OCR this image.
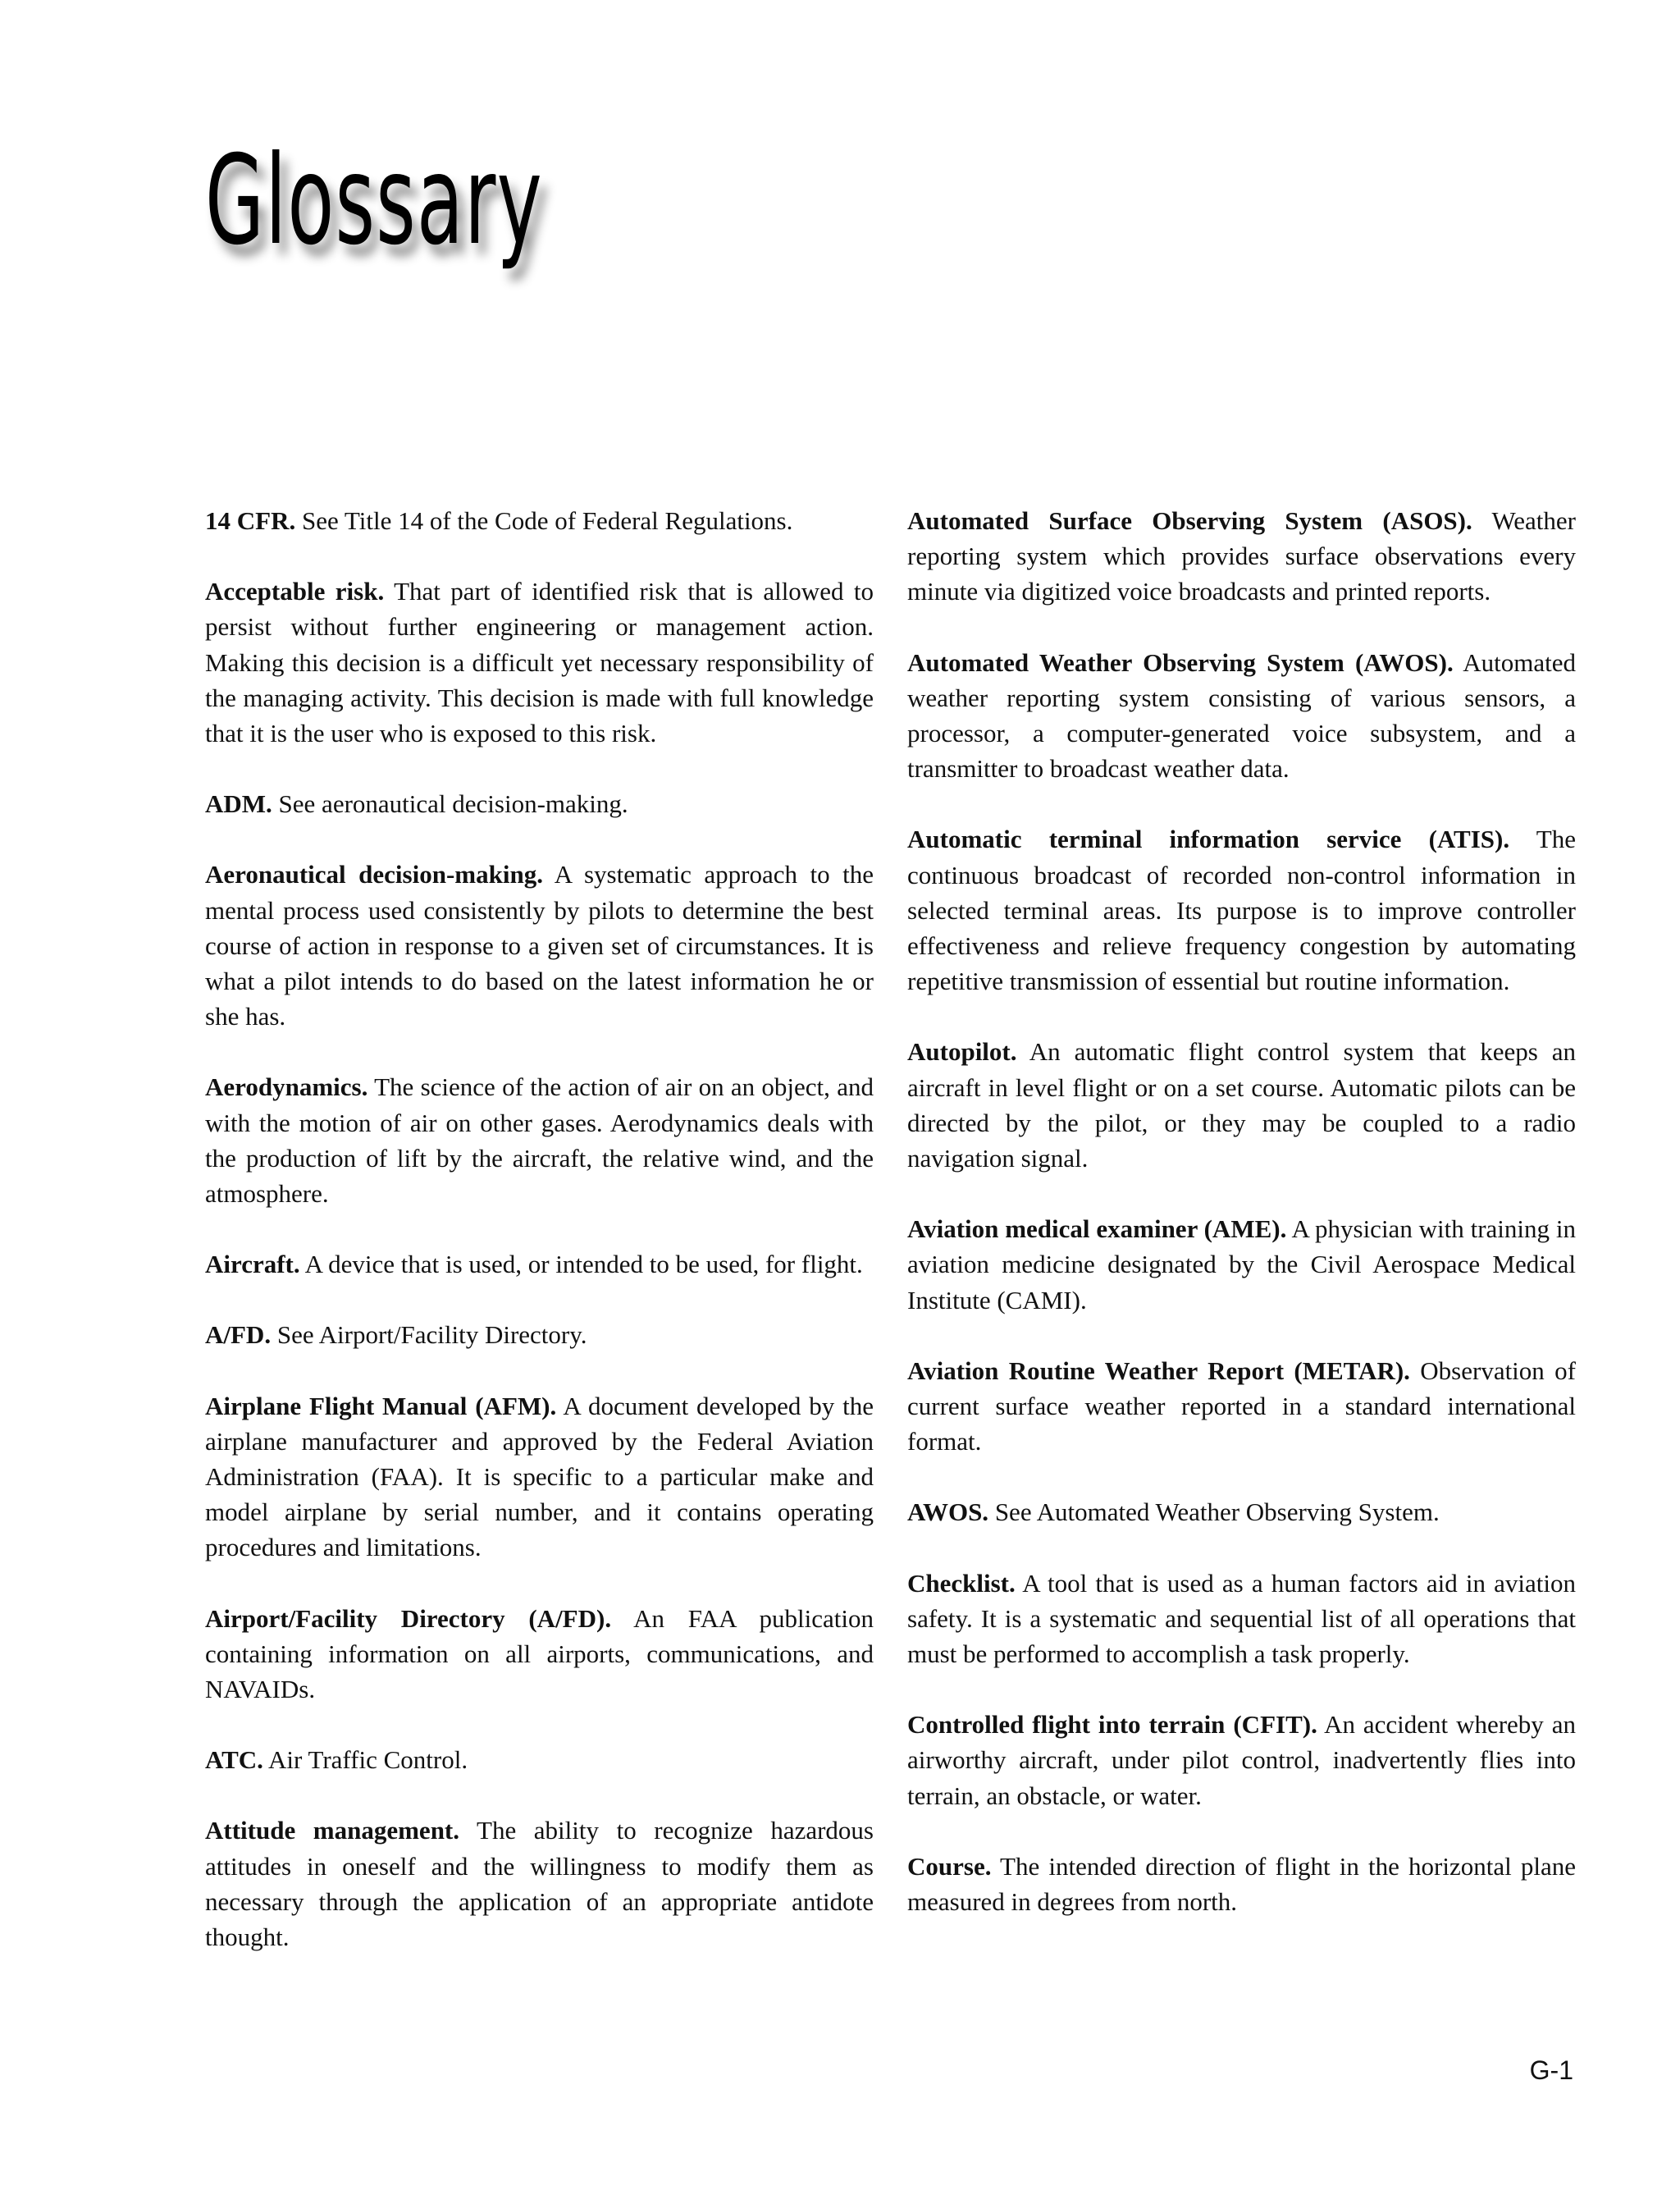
Glossary

14 CFR. See Title 14 of the Code of Federal Regulations.

Acceptable risk. That part of identified risk that is allowed to persist without further engineering or management action. Making this decision is a difficult yet necessary responsibility of the managing activity. This decision is made with full knowledge that it is the user who is exposed to this risk.

ADM. See aeronautical decision-making.

Aeronautical decision-making. A systematic approach to the mental process used consistently by pilots to determine the best course of action in response to a given set of circumstances. It is what a pilot intends to do based on the latest information he or she has.

Aerodynamics. The science of the action of air on an object, and with the motion of air on other gases. Aerodynamics deals with the production of lift by the aircraft, the relative wind, and the atmosphere.

Aircraft. A device that is used, or intended to be used, for flight.

A/FD. See Airport/Facility Directory.

Airplane Flight Manual (AFM). A document developed by the airplane manufacturer and approved by the Federal Aviation Administration (FAA). It is specific to a particular make and model airplane by serial number, and it contains operating procedures and limitations.

Airport/Facility Directory (A/FD). An FAA publication containing information on all airports, communications, and NAVAIDs.

ATC. Air Traffic Control.

Attitude management. The ability to recognize hazardous attitudes in oneself and the willingness to modify them as necessary through the application of an appropriate antidote thought.

Automated Surface Observing System (ASOS). Weather reporting system which provides surface observations every minute via digitized voice broadcasts and printed reports.

Automated Weather Observing System (AWOS). Automated weather reporting system consisting of various sensors, a processor, a computer-generated voice subsystem, and a transmitter to broadcast weather data.

Automatic terminal information service (ATIS). The continuous broadcast of recorded non-control information in selected terminal areas. Its purpose is to improve controller effectiveness and relieve frequency congestion by automating repetitive transmission of essential but routine information.

Autopilot. An automatic flight control system that keeps an aircraft in level flight or on a set course. Automatic pilots can be directed by the pilot, or they may be coupled to a radio navigation signal.

Aviation medical examiner (AME). A physician with training in aviation medicine designated by the Civil Aerospace Medical Institute (CAMI).

Aviation Routine Weather Report (METAR). Observation of current surface weather reported in a standard international format.

AWOS. See Automated Weather Observing System.

Checklist. A tool that is used as a human factors aid in aviation safety. It is a systematic and sequential list of all operations that must be performed to accomplish a task properly.

Controlled flight into terrain (CFIT). An accident whereby an airworthy aircraft, under pilot control, inadvertently flies into terrain, an obstacle, or water.

Course. The intended direction of flight in the horizontal plane measured in degrees from north.

G-1
